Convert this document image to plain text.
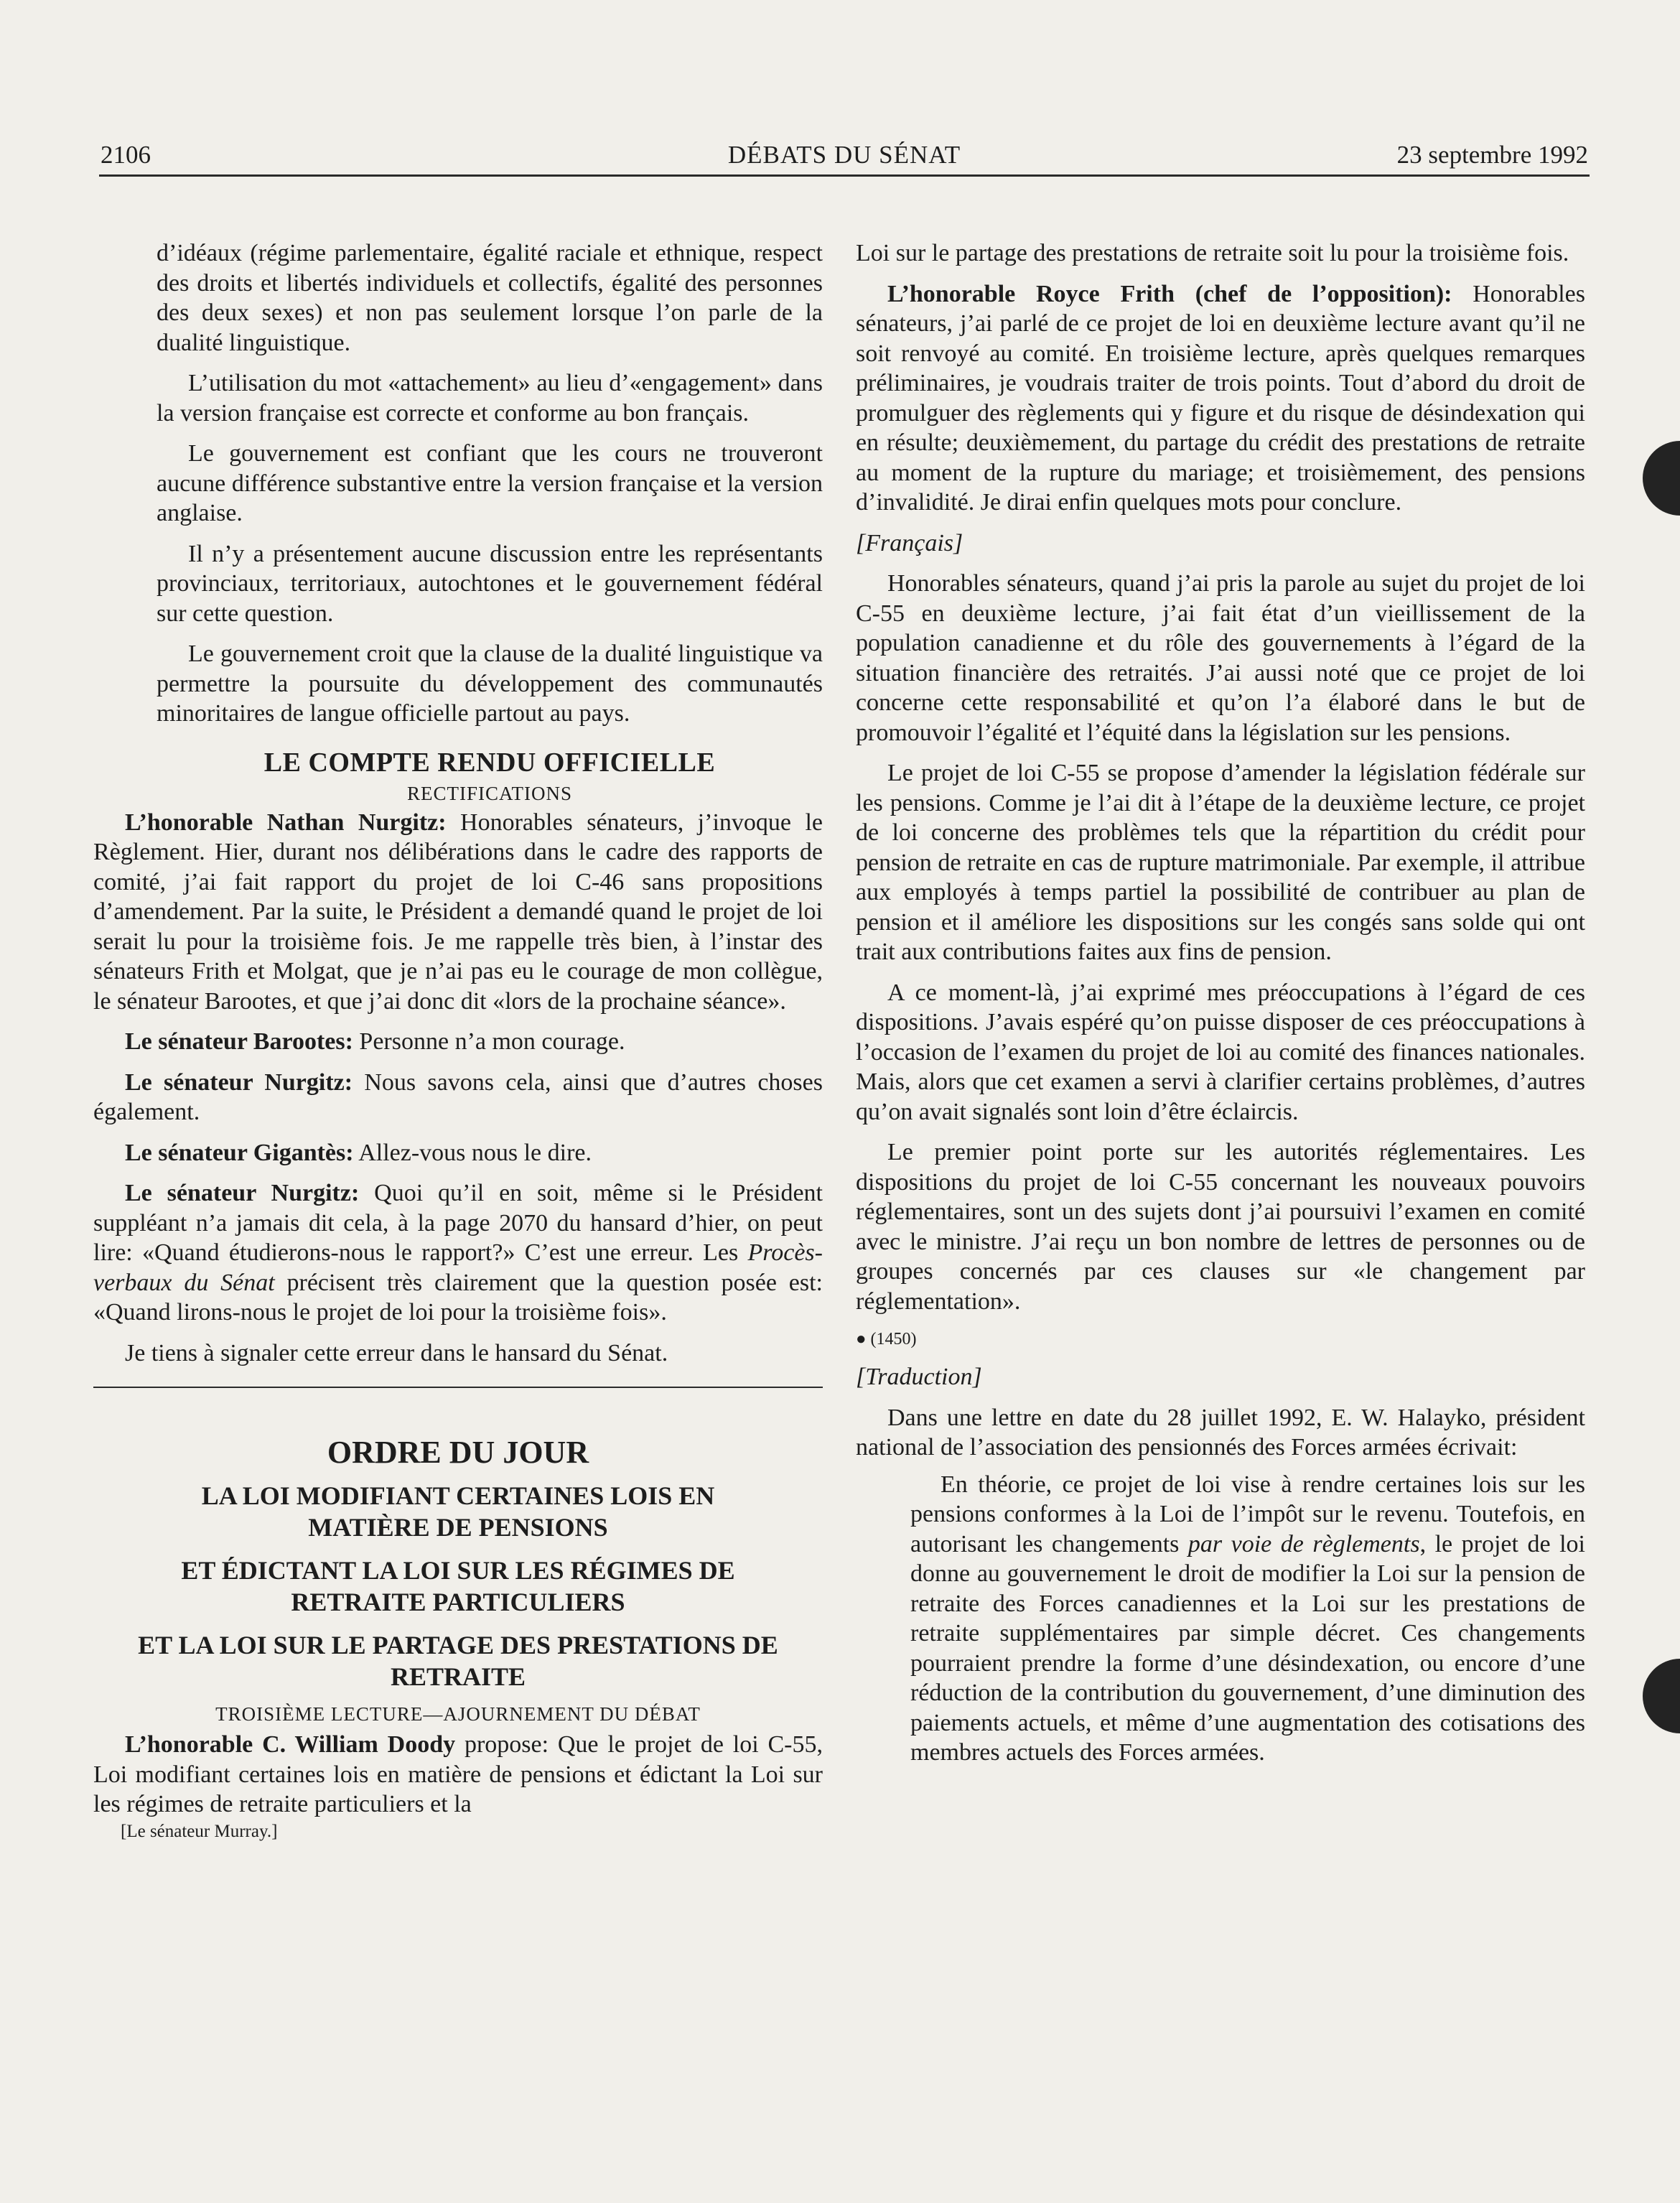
2106	DÉBATS DU SÉNAT	23 septembre 1992

d’idéaux (régime parlementaire, égalité raciale et ethnique, respect des droits et libertés individuels et collectifs, égalité des personnes des deux sexes) et non pas seulement lorsque l’on parle de la dualité linguistique.

L’utilisation du mot «attachement» au lieu d’«engagement» dans la version française est correcte et conforme au bon français.

Le gouvernement est confiant que les cours ne trouveront aucune différence substantive entre la version française et la version anglaise.

Il n’y a présentement aucune discussion entre les représentants provinciaux, territoriaux, autochtones et le gouvernement fédéral sur cette question.

Le gouvernement croit que la clause de la dualité linguistique va permettre la poursuite du développement des communautés minoritaires de langue officielle partout au pays.

LE COMPTE RENDU OFFICIELLE
RECTIFICATIONS

L’honorable Nathan Nurgitz: Honorables sénateurs, j’invoque le Règlement. Hier, durant nos délibérations dans le cadre des rapports de comité, j’ai fait rapport du projet de loi C-46 sans propositions d’amendement. Par la suite, le Président a demandé quand le projet de loi serait lu pour la troisième fois. Je me rappelle très bien, à l’instar des sénateurs Frith et Molgat, que je n’ai pas eu le courage de mon collègue, le sénateur Barootes, et que j’ai donc dit «lors de la prochaine séance».

Le sénateur Barootes: Personne n’a mon courage.

Le sénateur Nurgitz: Nous savons cela, ainsi que d’autres choses également.

Le sénateur Gigantès: Allez-vous nous le dire.

Le sénateur Nurgitz: Quoi qu’il en soit, même si le Président suppléant n’a jamais dit cela, à la page 2070 du hansard d’hier, on peut lire: «Quand étudierons-nous le rapport?» C’est une erreur. Les Procès-verbaux du Sénat précisent très clairement que la question posée est: «Quand lirons-nous le projet de loi pour la troisième fois».

Je tiens à signaler cette erreur dans le hansard du Sénat.

ORDRE DU JOUR
LA LOI MODIFIANT CERTAINES LOIS EN MATIÈRE DE PENSIONS
ET ÉDICTANT LA LOI SUR LES RÉGIMES DE RETRAITE PARTICULIERS
ET LA LOI SUR LE PARTAGE DES PRESTATIONS DE RETRAITE
TROISIÈME LECTURE—AJOURNEMENT DU DÉBAT

L’honorable C. William Doody propose: Que le projet de loi C-55, Loi modifiant certaines lois en matière de pensions et édictant la Loi sur les régimes de retraite particuliers et la

[Le sénateur Murray.]

Loi sur le partage des prestations de retraite soit lu pour la troisième fois.

L’honorable Royce Frith (chef de l’opposition): Honorables sénateurs, j’ai parlé de ce projet de loi en deuxième lecture avant qu’il ne soit renvoyé au comité. En troisième lecture, après quelques remarques préliminaires, je voudrais traiter de trois points. Tout d’abord du droit de promulguer des règlements qui y figure et du risque de désindexation qui en résulte; deuxièmement, du partage du crédit des prestations de retraite au moment de la rupture du mariage; et troisièmement, des pensions d’invalidité. Je dirai enfin quelques mots pour conclure.

[Français]

Honorables sénateurs, quand j’ai pris la parole au sujet du projet de loi C-55 en deuxième lecture, j’ai fait état d’un vieillissement de la population canadienne et du rôle des gouvernements à l’égard de la situation financière des retraités. J’ai aussi noté que ce projet de loi concerne cette responsabilité et qu’on l’a élaboré dans le but de promouvoir l’égalité et l’équité dans la législation sur les pensions.

Le projet de loi C-55 se propose d’amender la législation fédérale sur les pensions. Comme je l’ai dit à l’étape de la deuxième lecture, ce projet de loi concerne des problèmes tels que la répartition du crédit pour pension de retraite en cas de rupture matrimoniale. Par exemple, il attribue aux employés à temps partiel la possibilité de contribuer au plan de pension et il améliore les dispositions sur les congés sans solde qui ont trait aux contributions faites aux fins de pension.

A ce moment-là, j’ai exprimé mes préoccupations à l’égard de ces dispositions. J’avais espéré qu’on puisse disposer de ces préoccupations à l’occasion de l’examen du projet de loi au comité des finances nationales. Mais, alors que cet examen a servi à clarifier certains problèmes, d’autres qu’on avait signalés sont loin d’être éclaircis.

Le premier point porte sur les autorités réglementaires. Les dispositions du projet de loi C-55 concernant les nouveaux pouvoirs réglementaires, sont un des sujets dont j’ai poursuivi l’examen en comité avec le ministre. J’ai reçu un bon nombre de lettres de personnes ou de groupes concernés par ces clauses sur «le changement par réglementation».

● (1450)

[Traduction]

Dans une lettre en date du 28 juillet 1992, E. W. Halayko, président national de l’association des pensionnés des Forces armées écrivait:

En théorie, ce projet de loi vise à rendre certaines lois sur les pensions conformes à la Loi de l’impôt sur le revenu. Toutefois, en autorisant les changements par voie de règlements, le projet de loi donne au gouvernement le droit de modifier la Loi sur la pension de retraite des Forces canadiennes et la Loi sur les prestations de retraite supplémentaires par simple décret. Ces changements pourraient prendre la forme d’une désindexation, ou encore d’une réduction de la contribution du gouvernement, d’une diminution des paiements actuels, et même d’une augmentation des cotisations des membres actuels des Forces armées.
